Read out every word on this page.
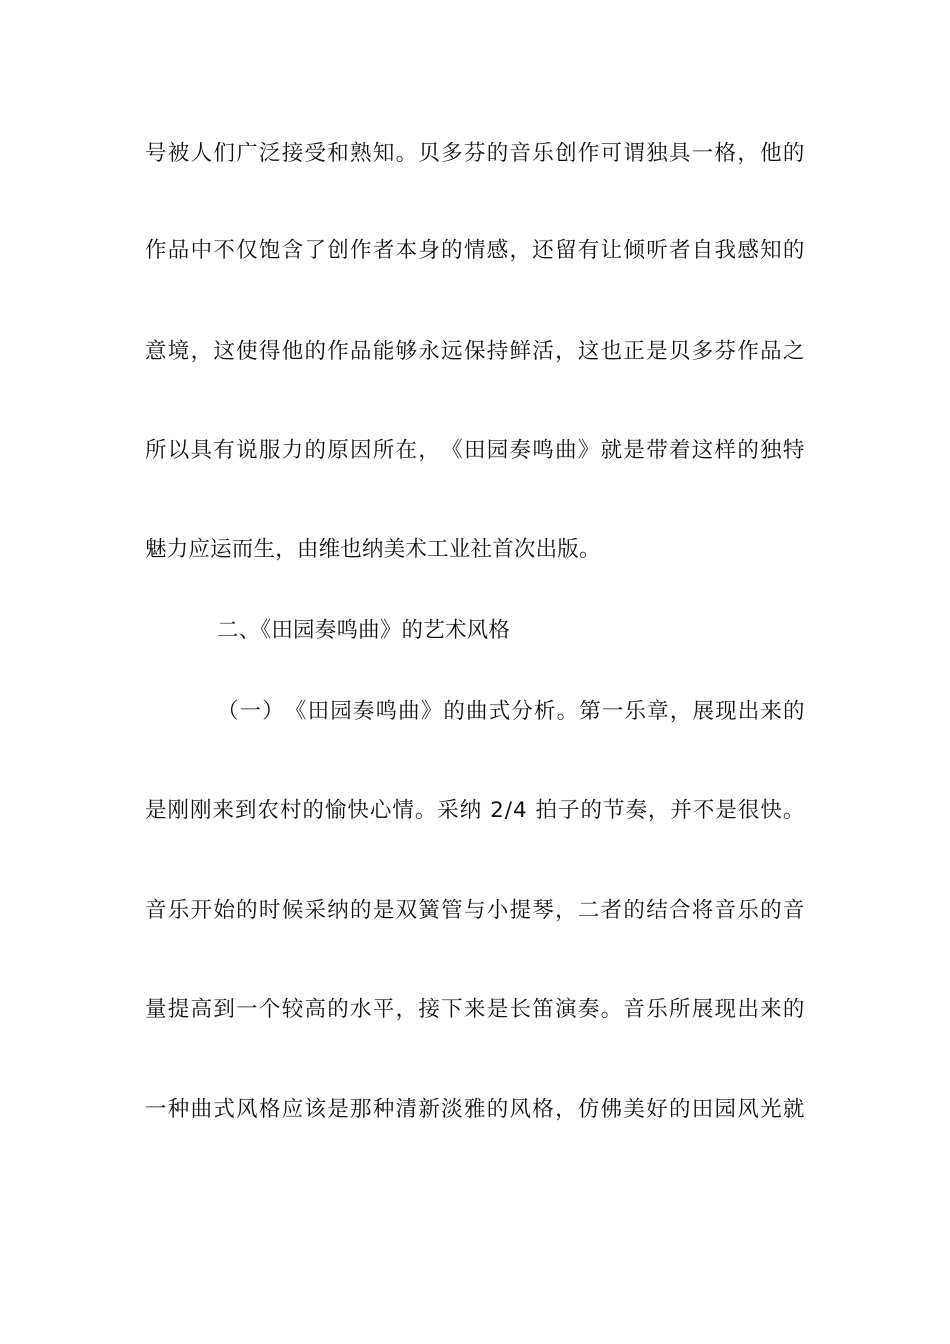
号 被 人 们 广 泛 接 受 和 熟 知 。 贝 多 芬 的 音 乐 创 作 可 谓 独 具 一 格 ， 他 的
作 品 中 不 仅 饱 含 了 创 作 者 本 身 的 情 感 ， 还 留 有 让 倾 听 者 自 我 感 知 的
意 境 ， 这 使 得 他 的 作 品 能 够 永 远 保 持 鲜 活 ， 这 也 正 是 贝 多 芬 作 品 之
所 以 具 有 说 服 力 的 原 因 所 在 ， 《 田 园 奏 鸣 曲 》 就 是 带 着 这 样 的 独 特
魅力应运而生，由维也纳美术工业社首次出版。
二、《田园奏鸣曲》的艺术风格
（ 一 ） 《 田 园 奏 鸣 曲 》 的 曲 式 分 析 。 第 一 乐 章 ， 展 现 出 来 的
是 刚 刚 来 到 农 村 的 愉 快 心 情 。 采 纳
2 / 4
拍 子 的 节 奏 ， 并 不 是 很 快 。
音 乐 开 始 的 时 候 采 纳 的 是 双 簧 管 与 小 提 琴 ， 二 者 的 结 合 将 音 乐 的 音
量 提 高 到 一 个 较 高 的 水 平 ， 接 下 来 是 长 笛 演 奏 。 音 乐 所 展 现 出 来 的
一 种 曲 式 风 格 应 该 是 那 种 清 新 淡 雅 的 风 格 ， 仿 佛 美 好 的 田 园 风 光 就
